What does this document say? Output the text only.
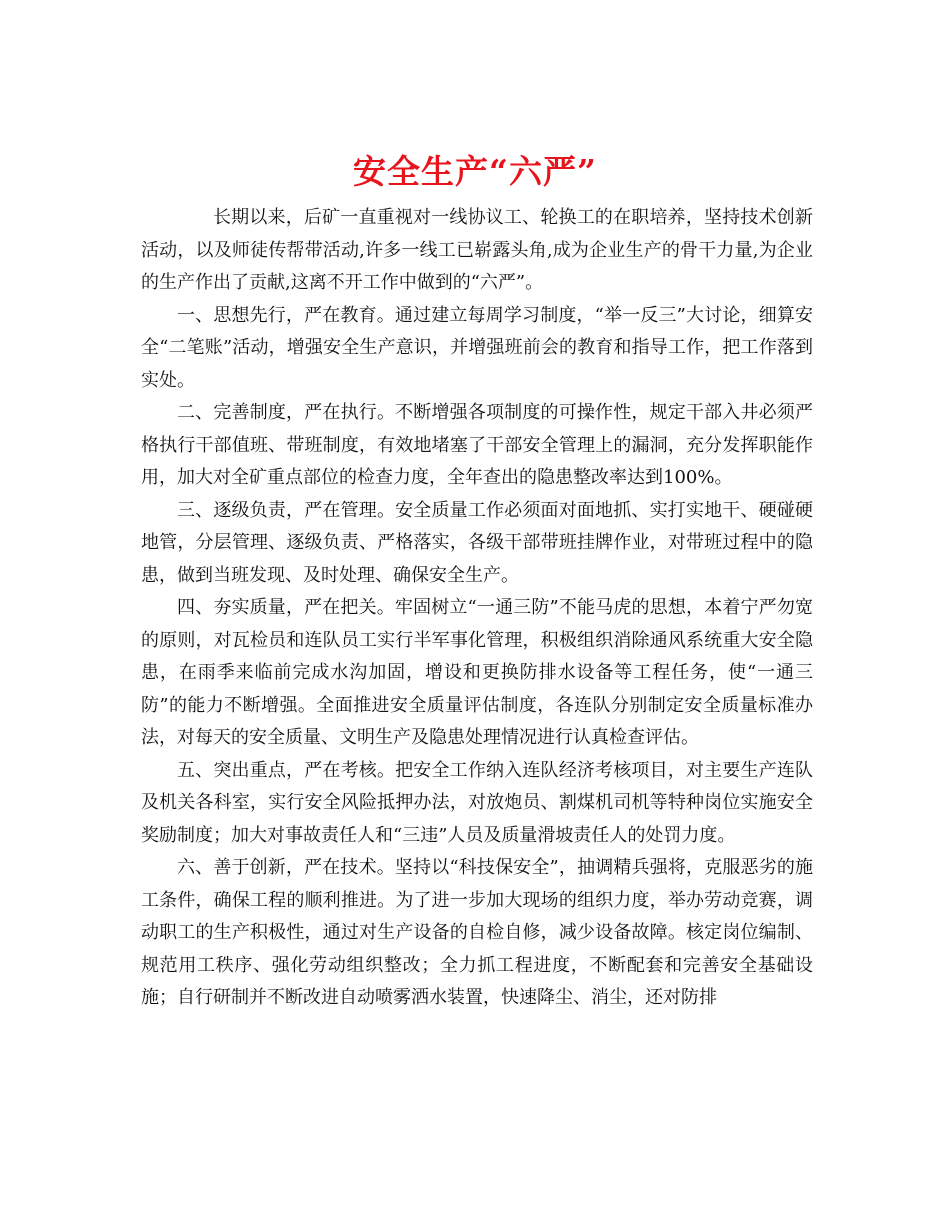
安全生产“六严”

长期以来，后矿一直重视对一线协议工、轮换工的在职培养，坚持技术创新活动，以及师徒传帮带活动,许多一线工已崭露头角,成为企业生产的骨干力量,为企业的生产作出了贡献,这离不开工作中做到的“六严”。

一、思想先行，严在教育。通过建立每周学习制度，“举一反三”大讨论，细算安全“二笔账”活动，增强安全生产意识，并增强班前会的教育和指导工作，把工作落到实处。

二、完善制度，严在执行。不断增强各项制度的可操作性，规定干部入井必须严格执行干部值班、带班制度，有效地堵塞了干部安全管理上的漏洞，充分发挥职能作用，加大对全矿重点部位的检查力度，全年查出的隐患整改率达到100%。

三、逐级负责，严在管理。安全质量工作必须面对面地抓、实打实地干、硬碰硬地管，分层管理、逐级负责、严格落实，各级干部带班挂牌作业，对带班过程中的隐患，做到当班发现、及时处理、确保安全生产。

四、夯实质量，严在把关。牢固树立“一通三防”不能马虎的思想，本着宁严勿宽的原则，对瓦检员和连队员工实行半军事化管理，积极组织消除通风系统重大安全隐患，在雨季来临前完成水沟加固，增设和更换防排水设备等工程任务，使“一通三防”的能力不断增强。全面推进安全质量评估制度，各连队分别制定安全质量标准办法，对每天的安全质量、文明生产及隐患处理情况进行认真检查评估。

五、突出重点，严在考核。把安全工作纳入连队经济考核项目，对主要生产连队及机关各科室，实行安全风险抵押办法，对放炮员、割煤机司机等特种岗位实施安全奖励制度；加大对事故责任人和“三违”人员及质量滑坡责任人的处罚力度。

六、善于创新，严在技术。坚持以“科技保安全”，抽调精兵强将，克服恶劣的施工条件，确保工程的顺利推进。为了进一步加大现场的组织力度，举办劳动竞赛，调动职工的生产积极性，通过对生产设备的自检自修，减少设备故障。核定岗位编制、规范用工秩序、强化劳动组织整改；全力抓工程进度，不断配套和完善安全基础设施；自行研制并不断改进自动喷雾洒水装置，快速降尘、消尘，还对防排
